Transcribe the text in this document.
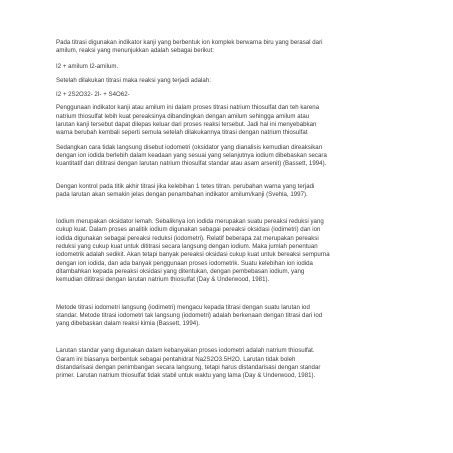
Pada titrasi digunakan indikator kanji yang berbentuk ion komplek berwarna biru yang berasal dari
amilum, reaksi yang menunjukkan adalah sebagai berikut:

I2 + amilum I2-amilum.

Setelah dilakukan titrasi maka reaksi yang terjadi adalah:

I2 + 2S2O32- 2I- + S4O62-

Penggunaan indikator kanji atau amilum ini dalam proses titrasi natrium thiosulfat dan teh karena
natrium thiosulfat lebih kuat pereaksinya dibandingkan dengan amilum sehingga amilum atau
larutan kanji tersebut dapat dilepas keluar dari proses reaksi tersebut. Jadi hal ini menyebabkan
warna berubah kembali seperti semula setelah dilakukannya titrasi dengan natrium thiosulfat

Sedangkan cara tidak langsung disebut iodometri (oksidator yang dianalisis kemudian direaksikan
dengan ion iodida berlebih dalam keadaan yang sesuai yang selanjutnya iodium dibebaskan secara
kuantitatif dan dititrasi dengan larutan natrium thiosulfat standar atau asam arsenit) (Bassett, 1994).

Dengan kontrol pada titik akhir titrasi jika kelebihan 1 tetes titran. perubahan warna yang terjadi
pada larutan akan semakin jelas dengan penambahan indikator amilum/kanji (Svehla, 1997).

Iodium merupakan oksidator lemah. Sebaliknya ion iodida merupakan suatu pereaksi reduksi yang
cukup kuat. Dalam proses analitik iodium digunakan sebagai pereaksi oksidasi (iodimetri) dan ion
iodida digunakan sebagai pereaksi reduksi (iodometri). Relatif beberapa zat merupakan pereaksi
reduksi yang cukup kuat untuk dititrasi secara langsung dengan iodium. Maka jumlah penentuan
iodometrik adalah sedikit. Akan tetapi banyak pereaksi oksidasi cukup kuat untuk bereaksi sempurna
dengan ion iodida, dan ada banyak penggunaan proses iodometrik. Suatu kelebihan ion iodida
ditambahkan kepada pereaksi oksidasi yang ditentukan, dengan pembebasan iodium, yang
kemudian dititrasi dengan larutan natrium thiosulfat (Day & Underwood, 1981).

Metode titrasi iodometri langsung (iodimetri) mengacu kepada titrasi dengan suatu larutan iod
standar. Metode titrasi iodometri tak langsung (iodometri) adalah berkenaan dengan titrasi dari iod
yang dibebaskan dalam reaksi kimia (Bassett, 1994).

Larutan standar yang digunakan dalam kebanyakan proses iodometri adalah natrium thiosulfat.
Garam ini biasanya berbentuk sebagai pentahidrat Na2S2O3.5H2O. Larutan tidak boleh
distandarisasi dengan penimbangan secara langsung, tetapi harus distandarisasi dengan standar
primer. Larutan natrium thiosulfat tidak stabil untuk waktu yang lama (Day & Underwood, 1981).
